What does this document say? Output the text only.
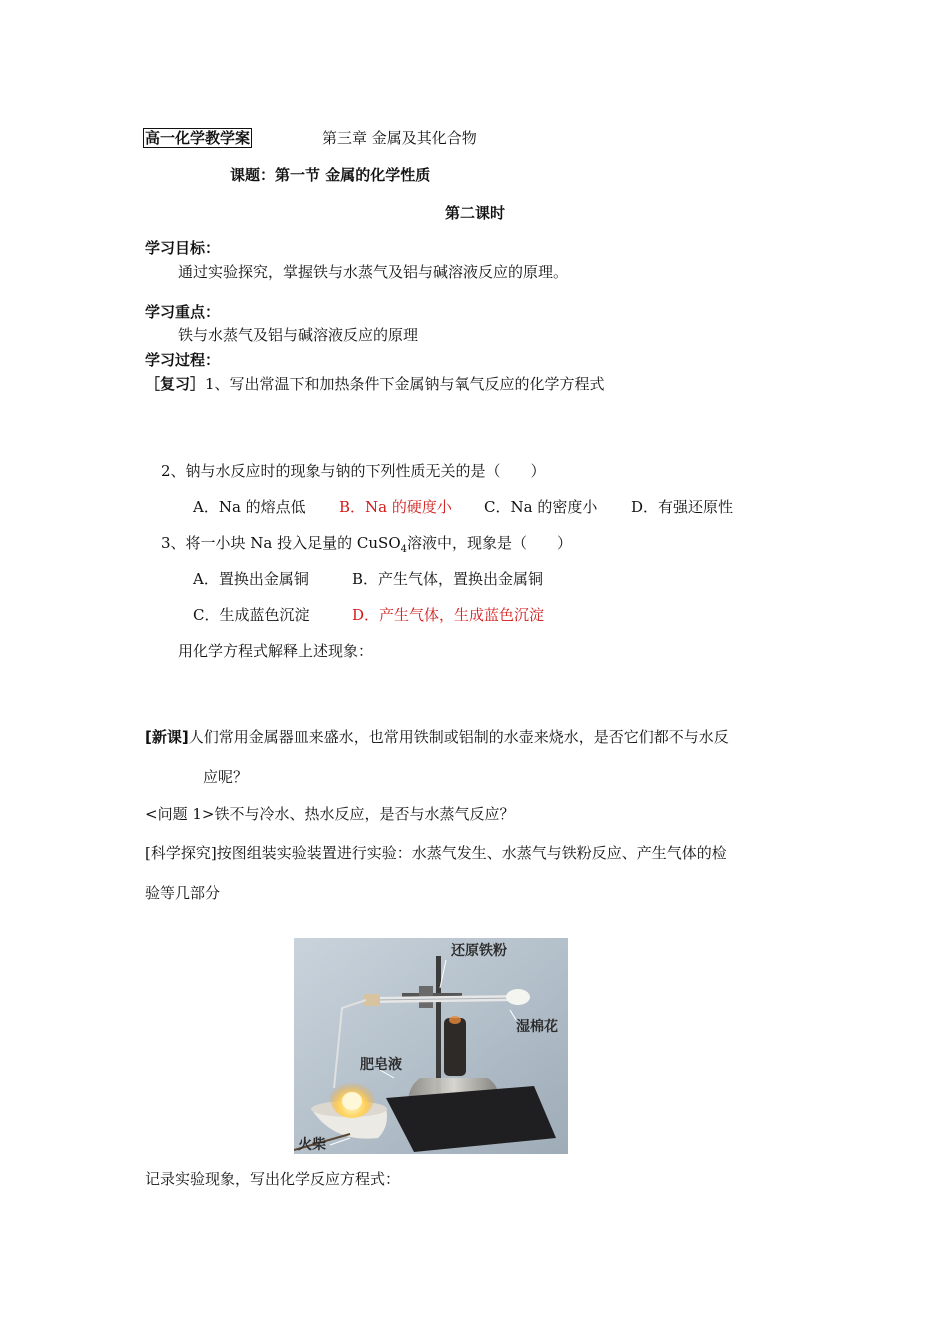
高一化学教学案	第三章 金属及其化合物
课题：第一节 金属的化学性质
第二课时
学习目标：
通过实验探究，掌握铁与水蒸气及铝与碱溶液反应的原理。
学习重点：
铁与水蒸气及铝与碱溶液反应的原理
学习过程：
［复习］1、写出常温下和加热条件下金属钠与氧气反应的化学方程式
2、钠与水反应时的现象与钠的下列性质无关的是（　　）
A．Na 的熔点低 B．Na 的硬度小 C．Na 的密度小 D．有强还原性
3、将一小块 Na 投入足量的 CuSO$_4$溶液中，现象是（　　）
A．置换出金属铜	B．产生气体，置换出金属铜
C．生成蓝色沉淀	D．产生气体，生成蓝色沉淀
用化学方程式解释上述现象：
[新课]人们常用金属器皿来盛水，也常用铁制或铝制的水壶来烧水，是否它们都不与水反
应呢？
<问题 1>铁不与冷水、热水反应，是否与水蒸气反应？
[科学探究]按图组装实验装置进行实验：水蒸气发生、水蒸气与铁粉反应、产生气体的检
验等几部分
还原铁粉
湿棉花
肥皂液
火柴
记录实验现象，写出化学反应方程式：
